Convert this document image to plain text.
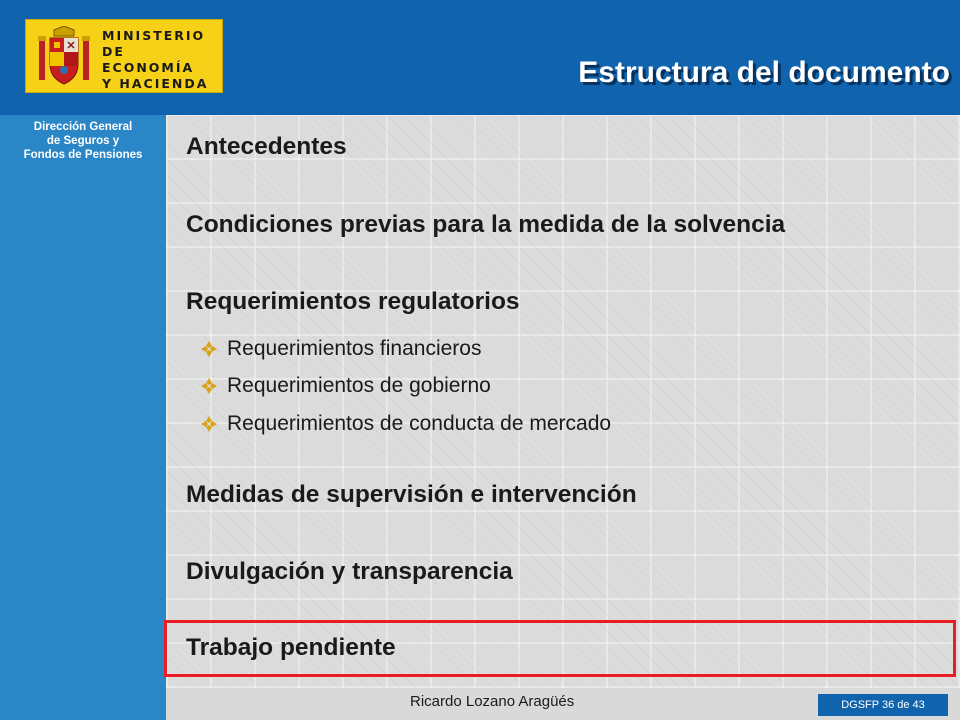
MINISTERIO
DE ECONOMÍA
Y HACIENDA	Estructura del documento
Dirección General
de Seguros y
Fondos de Pensiones	Antecedentes
Condiciones previas para la medida de la solvencia
Requerimientos regulatorios
Requerimientos financieros
Requerimientos de gobierno
Requerimientos de conducta de mercado
Medidas de supervisión e intervención
Divulgación y transparencia
Trabajo pendiente
Ricardo Lozano Aragüés	DGSFP 36 de 43
